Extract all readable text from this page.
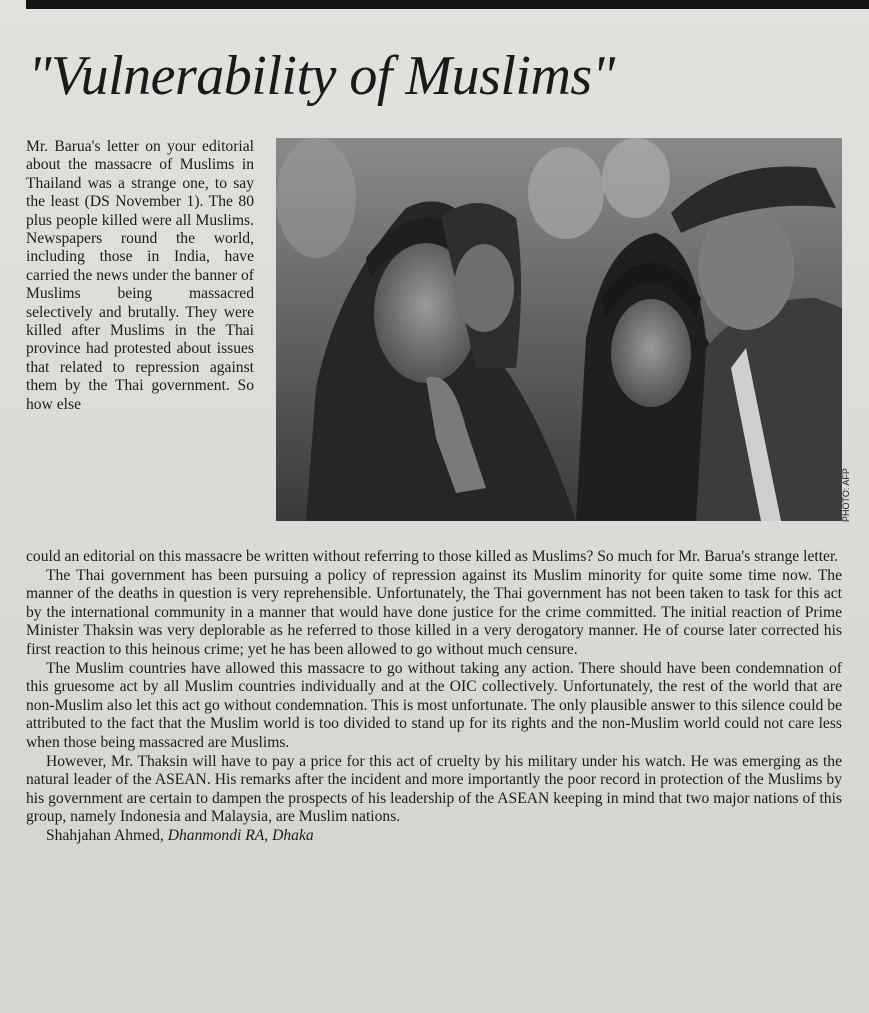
"Vulnerability of Muslims"
Mr. Barua's letter on your editorial about the massacre of Muslims in Thailand was a strange one, to say the least (DS November 1). The 80 plus people killed were all Muslims. Newspapers round the world, including those in India, have carried the news under the banner of Muslims being massacred selectively and brutally. They were killed after Muslims in the Thai province had protested about issues that related to repression against them by the Thai government. So how else
PHOTO: AFP

could an editorial on this massacre be written without referring to those killed as Muslims? So much for Mr. Barua's strange letter.

The Thai government has been pursuing a policy of repression against its Muslim minority for quite some time now. The manner of the deaths in question is very reprehensible. Unfortunately, the Thai government has not been taken to task for this act by the international community in a manner that would have done justice for the crime committed. The initial reaction of Prime Minister Thaksin was very deplorable as he referred to those killed in a very derogatory manner. He of course later corrected his first reaction to this heinous crime; yet he has been allowed to go without much censure.

The Muslim countries have allowed this massacre to go without taking any action. There should have been condemnation of this gruesome act by all Muslim countries individually and at the OIC collectively. Unfortunately, the rest of the world that are non-Muslim also let this act go without condemnation. This is most unfortunate. The only plausible answer to this silence could be attributed to the fact that the Muslim world is too divided to stand up for its rights and the non-Muslim world could not care less when those being massacred are Muslims.

However, Mr. Thaksin will have to pay a price for this act of cruelty by his military under his watch. He was emerging as the natural leader of the ASEAN. His remarks after the incident and more importantly the poor record in protection of the Muslims by his government are certain to dampen the prospects of his leadership of the ASEAN keeping in mind that two major nations of this group, namely Indonesia and Malaysia, are Muslim nations.

Shahjahan Ahmed, Dhanmondi RA, Dhaka
